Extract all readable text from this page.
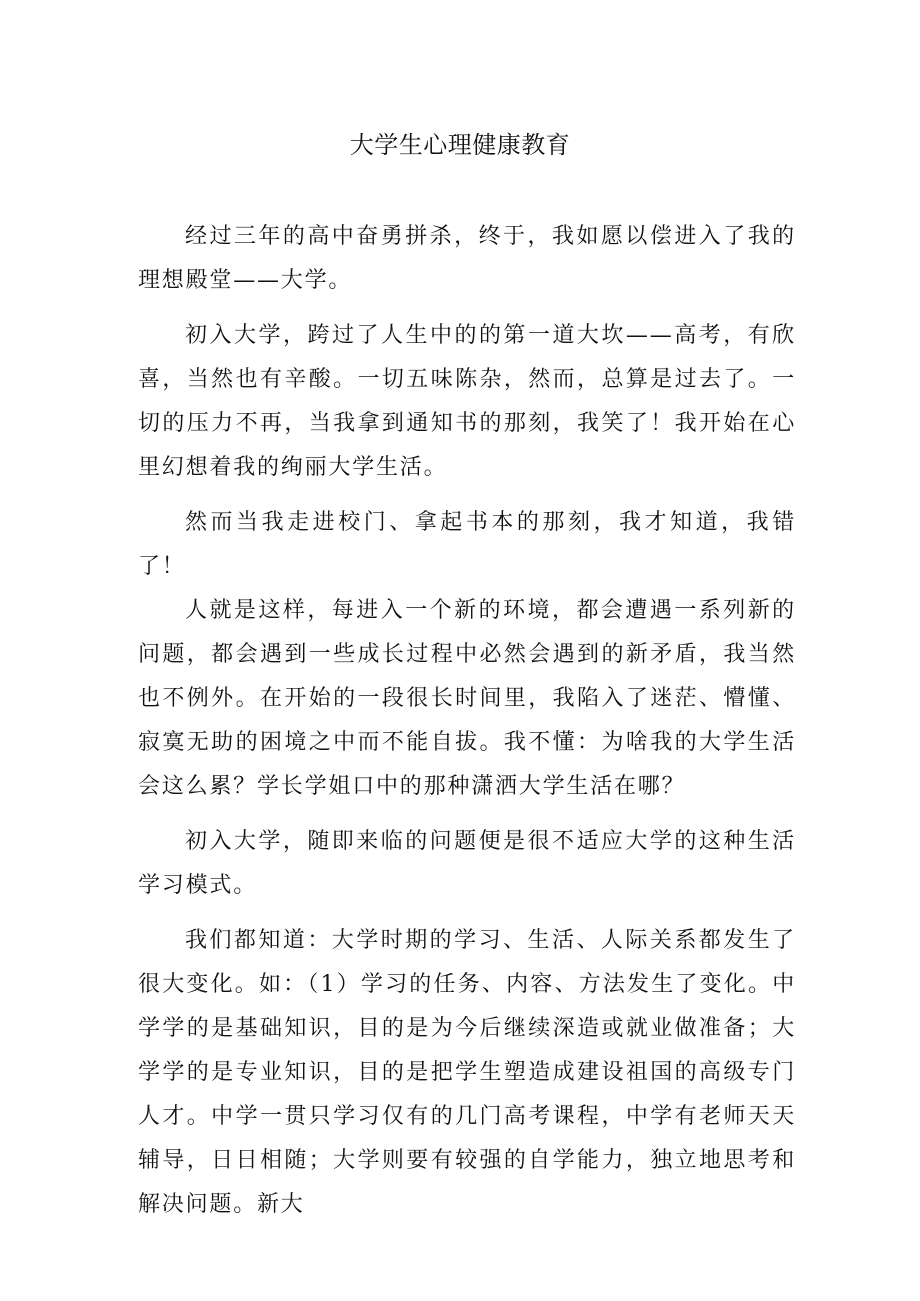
大学生心理健康教育

经过三年的高中奋勇拼杀，终于，我如愿以偿进入了我的理想殿堂——大学。

初入大学，跨过了人生中的的第一道大坎——高考，有欣喜，当然也有辛酸。一切五味陈杂，然而，总算是过去了。一切的压力不再，当我拿到通知书的那刻，我笑了！我开始在心里幻想着我的绚丽大学生活。

然而当我走进校门、拿起书本的那刻，我才知道，我错了！

人就是这样，每进入一个新的环境，都会遭遇一系列新的问题，都会遇到一些成长过程中必然会遇到的新矛盾，我当然也不例外。在开始的一段很长时间里，我陷入了迷茫、懵懂、寂寞无助的困境之中而不能自拔。我不懂：为啥我的大学生活会这么累？学长学姐口中的那种潇洒大学生活在哪？

初入大学，随即来临的问题便是很不适应大学的这种生活学习模式。

我们都知道：大学时期的学习、生活、人际关系都发生了很大变化。如：（1）学习的任务、内容、方法发生了变化。中学学的是基础知识，目的是为今后继续深造或就业做准备；大学学的是专业知识，目的是把学生塑造成建设祖国的高级专门人才。中学一贯只学习仅有的几门高考课程，中学有老师天天辅导，日日相随；大学则要有较强的自学能力，独立地思考和解决问题。新大
